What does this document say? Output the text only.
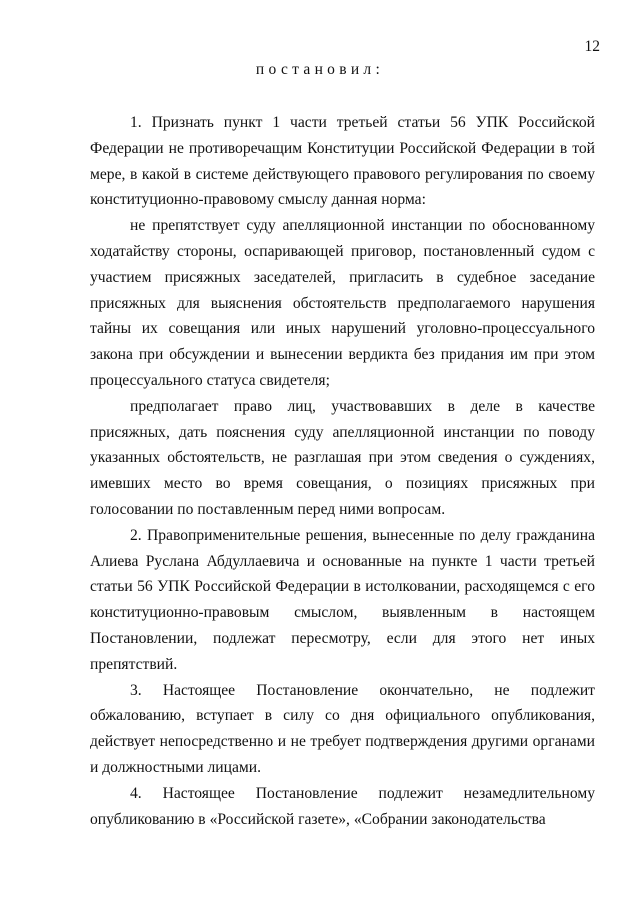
12
постановил:

1. Признать пункт 1 части третьей статьи 56 УПК Российской Федерации не противоречащим Конституции Российской Федерации в той мере, в какой в системе действующего правового регулирования по своему конституционно-правовому смыслу данная норма:

не препятствует суду апелляционной инстанции по обоснованному ходатайству стороны, оспаривающей приговор, постановленный судом с участием присяжных заседателей, пригласить в судебное заседание присяжных для выяснения обстоятельств предполагаемого нарушения тайны их совещания или иных нарушений уголовно-процессуального закона при обсуждении и вынесении вердикта без придания им при этом процессуального статуса свидетеля;

предполагает право лиц, участвовавших в деле в качестве присяжных, дать пояснения суду апелляционной инстанции по поводу указанных обстоятельств, не разглашая при этом сведения о суждениях, имевших место во время совещания, о позициях присяжных при голосовании по поставленным перед ними вопросам.

2. Правоприменительные решения, вынесенные по делу гражданина Алиева Руслана Абдуллаевича и основанные на пункте 1 части третьей статьи 56 УПК Российской Федерации в истолковании, расходящемся с его конституционно-правовым смыслом, выявленным в настоящем Постановлении, подлежат пересмотру, если для этого нет иных препятствий.

3. Настоящее Постановление окончательно, не подлежит обжалованию, вступает в силу со дня официального опубликования, действует непосредственно и не требует подтверждения другими органами и должностными лицами.

4. Настоящее Постановление подлежит незамедлительному опубликованию в «Российской газете», «Собрании законодательства
